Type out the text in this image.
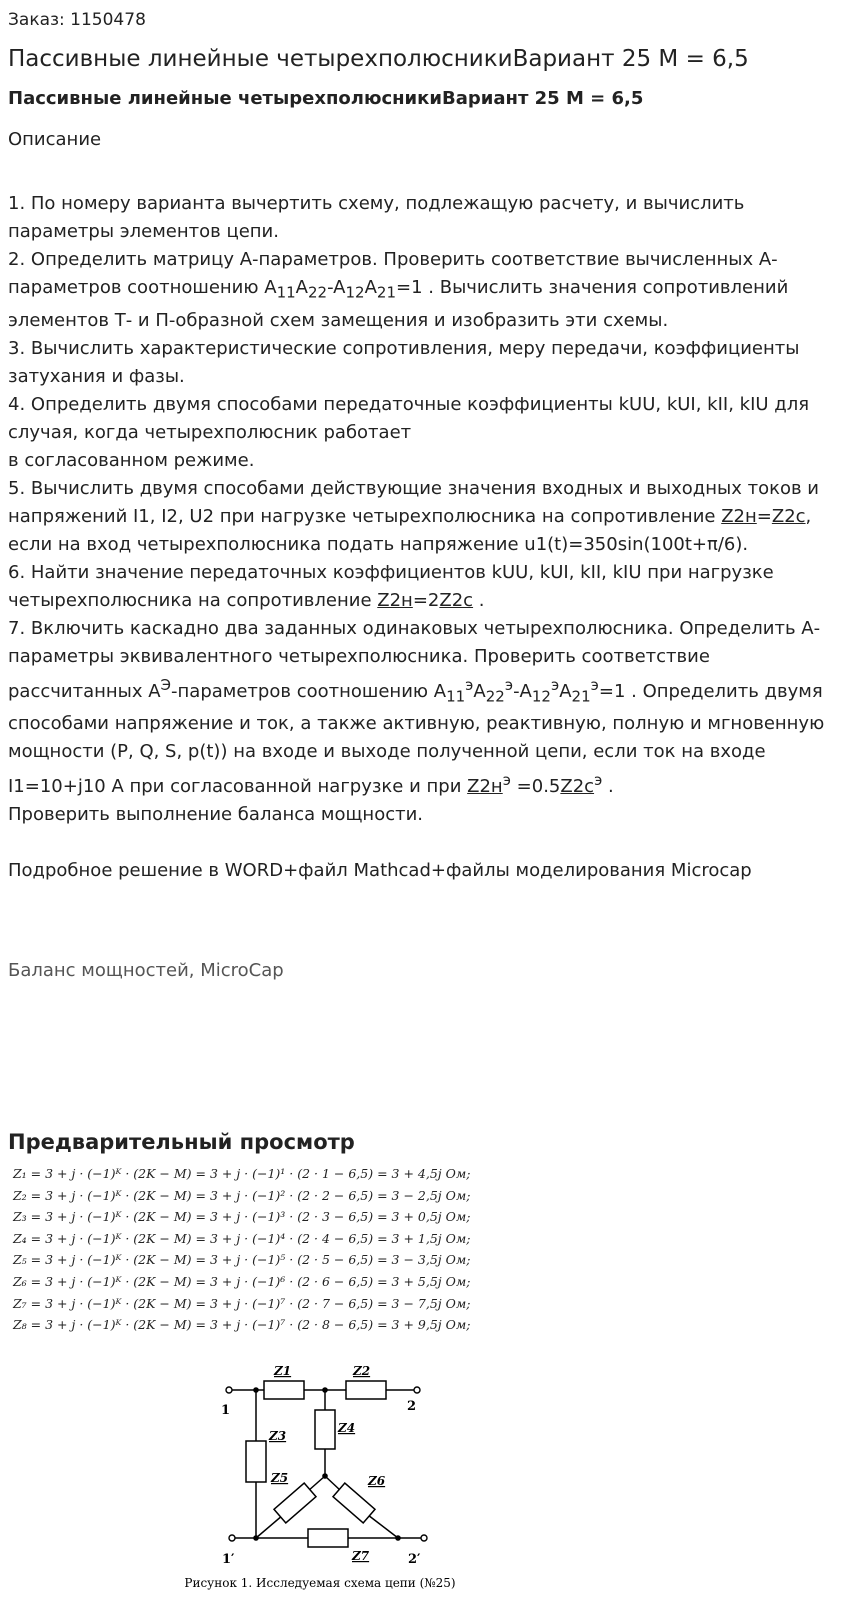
Заказ: 1150478
Пассивные линейные четырехполюсникиВариант 25 М = 6,5
Пассивные линейные четырехполюсникиВариант 25 М = 6,5
Описание

1. По номеру варианта вычертить схему, подлежащую расчету, и вычислить параметры элементов цепи.

2. Определить матрицу А-параметров. Проверить соответствие вычисленных А-параметров соотношению $A_{11}A_{22}-A_{12}A_{21}=1$ . Вычислить значения сопротивлений элементов Т- и П-образной схем замещения и изобразить эти схемы.

3. Вычислить характеристические сопротивления, меру передачи, коэффициенты затухания и фазы.

4. Определить двумя способами передаточные коэффициенты kUU, kUI, kII, kIU для случая, когда четырехполюсник работает
в согласованном режиме.

5. Вычислить двумя способами действующие значения входных и выходных токов и напряжений I1, I2, U2 при нагрузке четырехполюсника на сопротивление Z2н=Z2с, если на вход четырехполюсника подать напряжение u1(t)=350sin(100t+π/6).

6. Найти значение передаточных коэффициентов kUU, kUI, kII, kIU при нагрузке четырехполюсника на сопротивление Z2н=2Z2с .

7. Включить каскадно два заданных одинаковых четырехполюсника. Определить А-параметры эквивалентного четырехполюсника. Проверить соответствие рассчитанных $А^Э$-параметров соотношению $A_{11}^эA_{22}^э-A_{12}^эA_{21}^э=1$ . Определить двумя способами напряжение и ток, а также активную, реактивную, полную и мгновенную мощности (P, Q, S, p(t)) на входе и выходе полученной цепи, если ток на входе I1=10+j10 А при согласованной нагрузке и при $Z2н^э =0.5Z2с^э$ .
Проверить выполнение баланса мощности.

Подробное решение в WORD+файл Mathcad+файлы моделирования Microcap

Баланс мощностей, MicroCap
Предварительный просмотр
Z₁ = 3 + j · (−1)ᴷ · (2K − M) = 3 + j · (−1)¹ · (2 · 1 − 6,5) = 3 + 4,5j Ом;
Z₂ = 3 + j · (−1)ᴷ · (2K − M) = 3 + j · (−1)² · (2 · 2 − 6,5) = 3 − 2,5j Ом;
Z₃ = 3 + j · (−1)ᴷ · (2K − M) = 3 + j · (−1)³ · (2 · 3 − 6,5) = 3 + 0,5j Ом;
Z₄ = 3 + j · (−1)ᴷ · (2K − M) = 3 + j · (−1)⁴ · (2 · 4 − 6,5) = 3 + 1,5j Ом;
Z₅ = 3 + j · (−1)ᴷ · (2K − M) = 3 + j · (−1)⁵ · (2 · 5 − 6,5) = 3 − 3,5j Ом;
Z₆ = 3 + j · (−1)ᴷ · (2K − M) = 3 + j · (−1)⁶ · (2 · 6 − 6,5) = 3 + 5,5j Ом;
Z₇ = 3 + j · (−1)ᴷ · (2K − M) = 3 + j · (−1)⁷ · (2 · 7 − 6,5) = 3 − 7,5j Ом;
Z₈ = 3 + j · (−1)ᴷ · (2K − M) = 3 + j · (−1)⁷ · (2 · 8 − 6,5) = 3 + 9,5j Ом;
Z1	Z2
Z3
Z4
Z5	Z6
Z7
1	2
1′	2′
Рисунок 1. Исследуемая схема цепи (№25)
